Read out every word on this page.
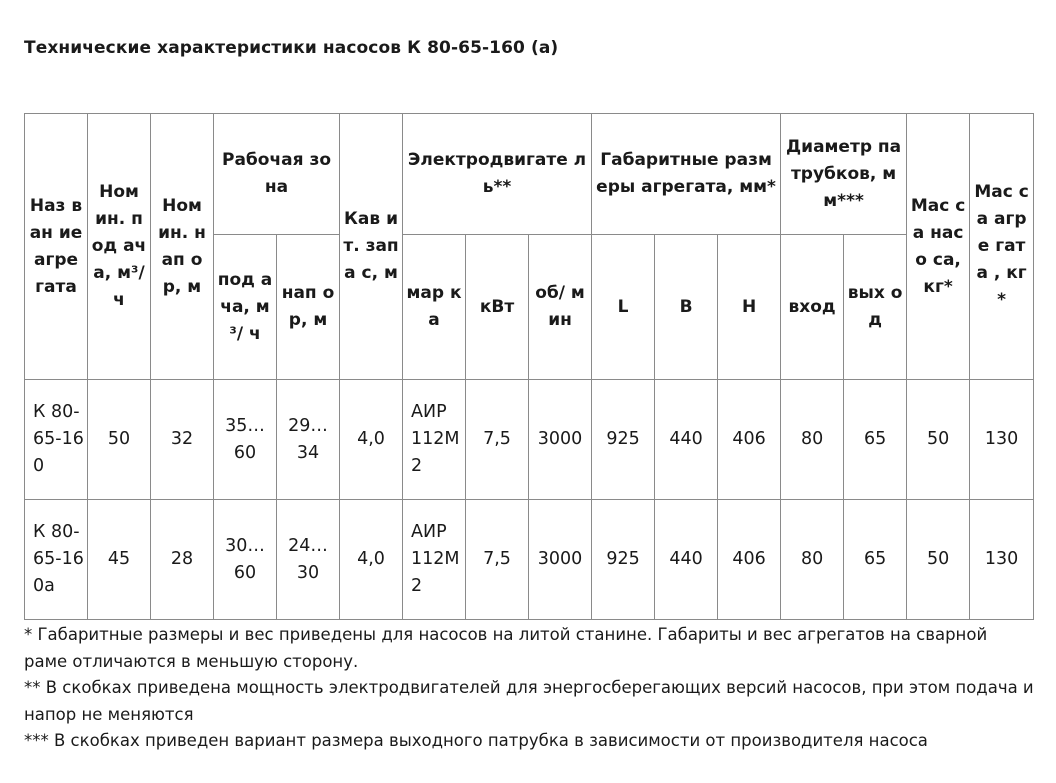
Технические характеристики насосов К 80-65-160 (а)
Наз ван ие агре гата	Ном ин. под ача, м³/ ч	Ном ин. нап ор, м	Рабочая зона		Кав ит. запа с, м	Электродвигате ль**			Габаритные размеры агрегата, мм*			Диаметр патрубков, мм***		Мас са насо са, кг*	Мас са агре гата , кг*
			под ача, м³/ ч	нап ор, м		мар ка	кВт	об/ мин	L	B	H	вход	вых од		
К 80-65-160	50	32	35… 60	29… 34	4,0	АИР 112М 2	7,5	3000	925	440	406	80	65	50	130
К 80-65-160а	45	28	30… 60	24… 30	4,0	АИР 112М 2	7,5	3000	925	440	406	80	65	50	130

* Габаритные размеры и вес приведены для насосов на литой станине. Габариты и вес агрегатов на сварной раме отличаются в меньшую сторону.

** В скобках приведена мощность электродвигателей для энергосберегающих версий насосов, при этом подача и напор не меняются

*** В скобках приведен вариант размера выходного патрубка в зависимости от производителя насоса
